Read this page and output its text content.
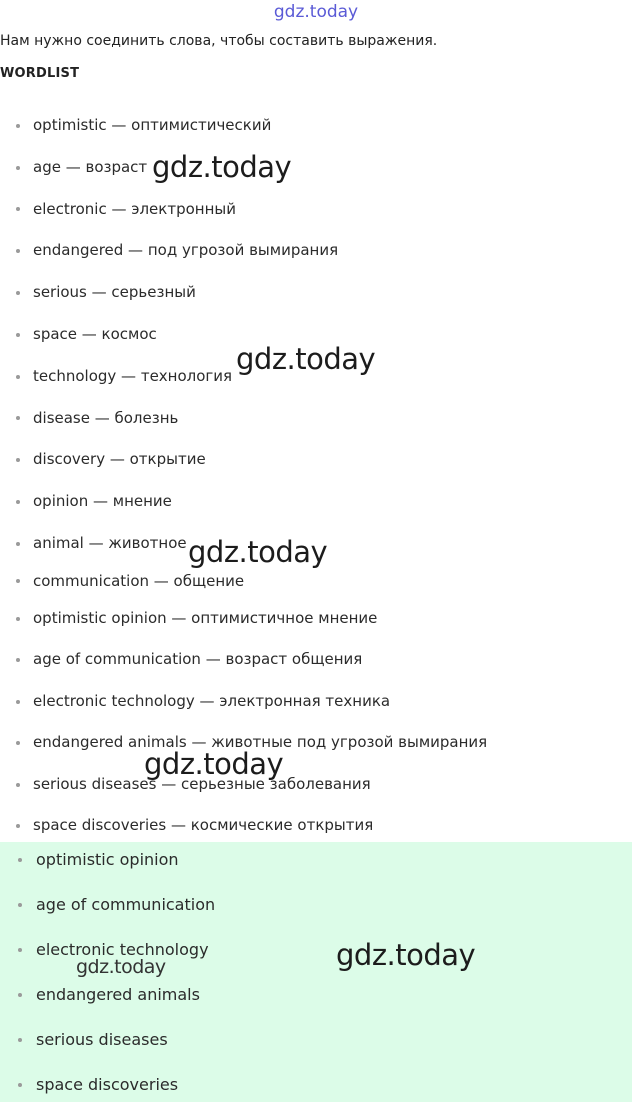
gdz.today
Нам нужно соединить слова, чтобы составить выражения.
WORDLIST
optimistic — оптимистический
age — возраст
electronic — электронный
endangered — под угрозой вымирания
serious — серьезный
space — космос
technology — технология
disease — болезнь
discovery — открытие
opinion — мнение
animal — животное
communication — общение
optimistic opinion — оптимистичное мнение
age of communication — возраст общения
electronic technology — электронная техника
endangered animals — животные под угрозой вымирания
serious diseases — серьезные заболевания
space discoveries — космические открытия
optimistic opinion
age of communication
electronic technology
endangered animals
serious diseases
space discoveries
gdz.today
gdz.today
gdz.today
gdz.today
gdz.today
gdz.today
